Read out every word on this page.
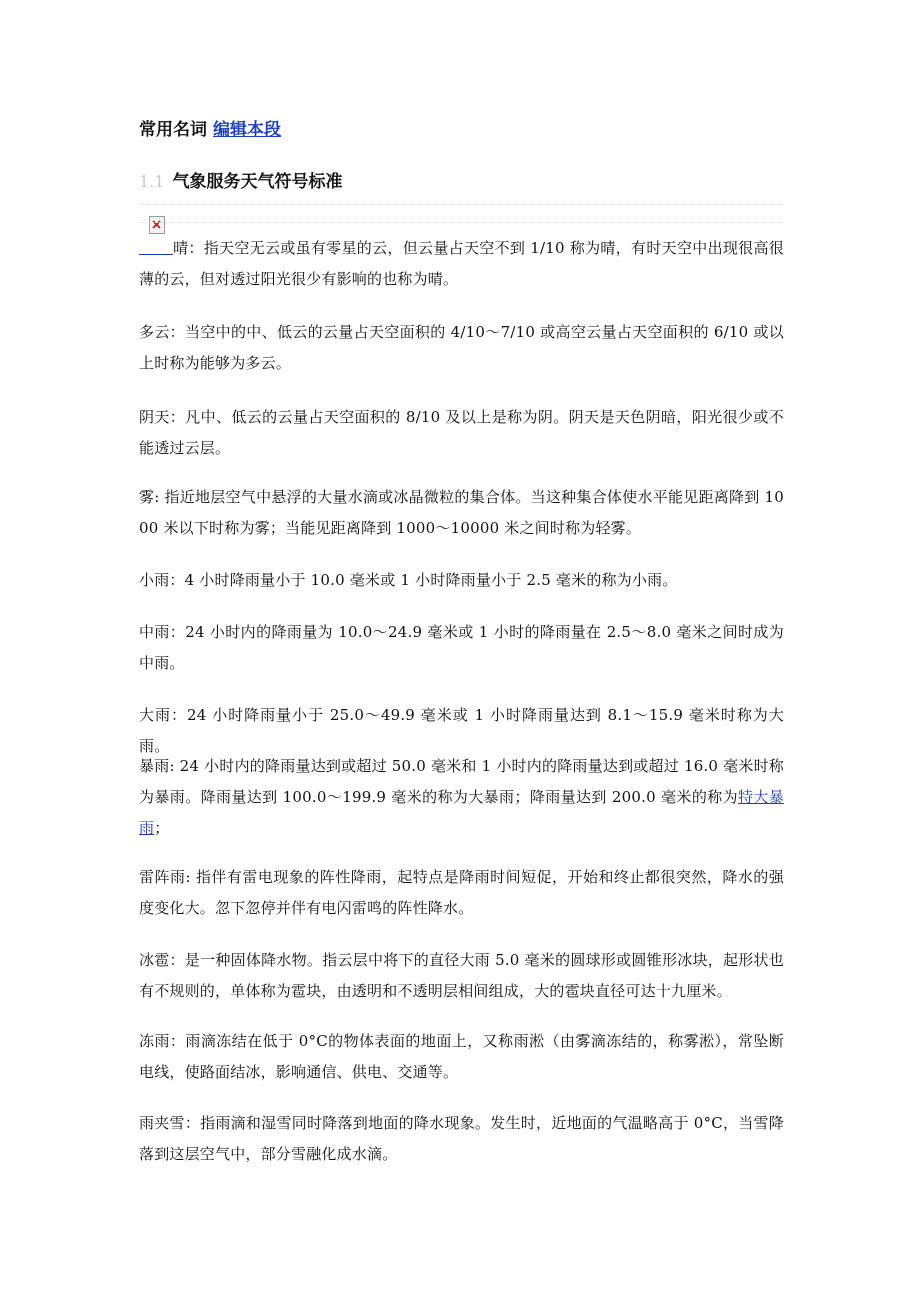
常用名词 编辑本段
1.1 气象服务天气符号标准

晴：指天空无云或虽有零星的云，但云量占天空不到 1/10 称为晴，有时天空中出现很高很薄的云，但对透过阳光很少有影响的也称为晴。

多云：当空中的中、低云的云量占天空面积的 4/10～7/10 或高空云量占天空面积的 6/10 或以上时称为能够为多云。

阴天：凡中、低云的云量占天空面积的 8/10 及以上是称为阴。阴天是天色阴暗，阳光很少或不能透过云层。

雾: 指近地层空气中悬浮的大量水滴或冰晶微粒的集合体。当这种集合体使水平能见距离降到 1000 米以下时称为雾；当能见距离降到 1000～10000 米之间时称为轻雾。

小雨：4 小时降雨量小于 10.0 毫米或 1 小时降雨量小于 2.5 毫米的称为小雨。

中雨：24 小时内的降雨量为 10.0～24.9 毫米或 1 小时的降雨量在 2.5～8.0 毫米之间时成为中雨。

大雨：24 小时降雨量小于 25.0～49.9 毫米或 1 小时降雨量达到 8.1～15.9 毫米时称为大雨。

暴雨: 24 小时内的降雨量达到或超过 50.0 毫米和 1 小时内的降雨量达到或超过 16.0 毫米时称为暴雨。降雨量达到 100.0～199.9 毫米的称为大暴雨；降雨量达到 200.0 毫米的称为特大暴雨；

雷阵雨: 指伴有雷电现象的阵性降雨，起特点是降雨时间短促，开始和终止都很突然，降水的强度变化大。忽下忽停并伴有电闪雷鸣的阵性降水。

冰雹：是一种固体降水物。指云层中将下的直径大雨 5.0 毫米的圆球形或圆锥形冰块，起形状也有不规则的，单体称为雹块，由透明和不透明层相间组成，大的雹块直径可达十九厘米。

冻雨：雨滴冻结在低于 0°C的物体表面的地面上，又称雨淞（由雾滴冻结的，称雾淞），常坠断电线，使路面结冰，影响通信、供电、交通等。

雨夹雪：指雨滴和湿雪同时降落到地面的降水现象。发生时，近地面的气温略高于 0°C，当雪降落到这层空气中，部分雪融化成水滴。
